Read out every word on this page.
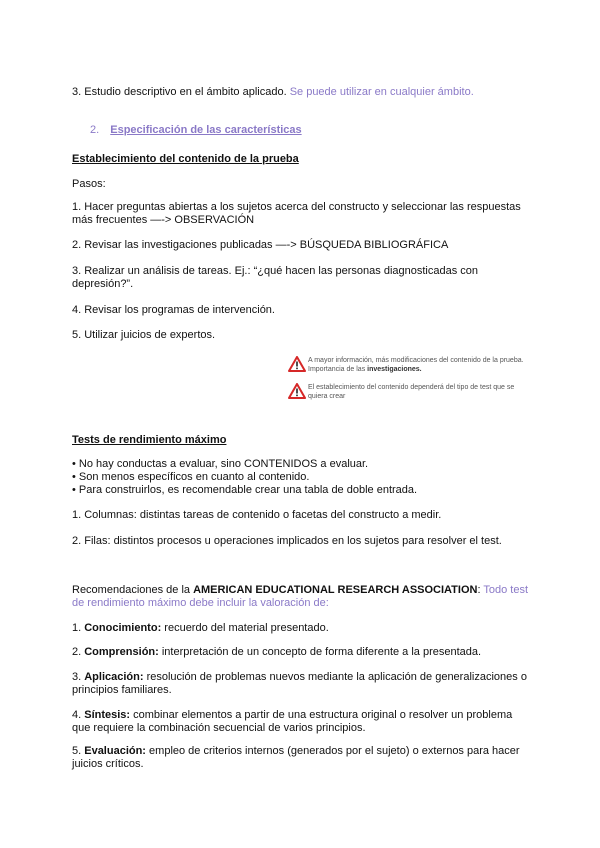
3. Estudio descriptivo en el ámbito aplicado. Se puede utilizar en cualquier ámbito.

2. Especificación de las características

Establecimiento del contenido de la prueba

Pasos:

1. Hacer preguntas abiertas a los sujetos acerca del constructo y seleccionar las respuestas más frecuentes —-> OBSERVACIÓN

2. Revisar las investigaciones publicadas —-> BÚSQUEDA BIBLIOGRÁFICA

3. Realizar un análisis de tareas. Ej.: “¿qué hacen las personas diagnosticadas con depresión?”.

4. Revisar los programas de intervención.

5. Utilizar juicios de expertos.

A mayor información, más modificaciones del contenido de la prueba. Importancia de las investigaciones.
El establecimiento del contenido dependerá del tipo de test que se quiera crear

Tests de rendimiento máximo

• No hay conductas a evaluar, sino CONTENIDOS a evaluar.
• Son menos específicos en cuanto al contenido.
• Para construirlos, es recomendable crear una tabla de doble entrada.

1. Columnas: distintas tareas de contenido o facetas del constructo a medir.

2. Filas: distintos procesos u operaciones implicados en los sujetos para resolver el test.

Recomendaciones de la AMERICAN EDUCATIONAL RESEARCH ASSOCIATION: Todo test de rendimiento máximo debe incluir la valoración de:

1. Conocimiento: recuerdo del material presentado.

2. Comprensión: interpretación de un concepto de forma diferente a la presentada.

3. Aplicación: resolución de problemas nuevos mediante la aplicación de generalizaciones o principios familiares.

4. Síntesis: combinar elementos a partir de una estructura original o resolver un problema que requiere la combinación secuencial de varios principios.

5. Evaluación: empleo de criterios internos (generados por el sujeto) o externos para hacer juicios críticos.
